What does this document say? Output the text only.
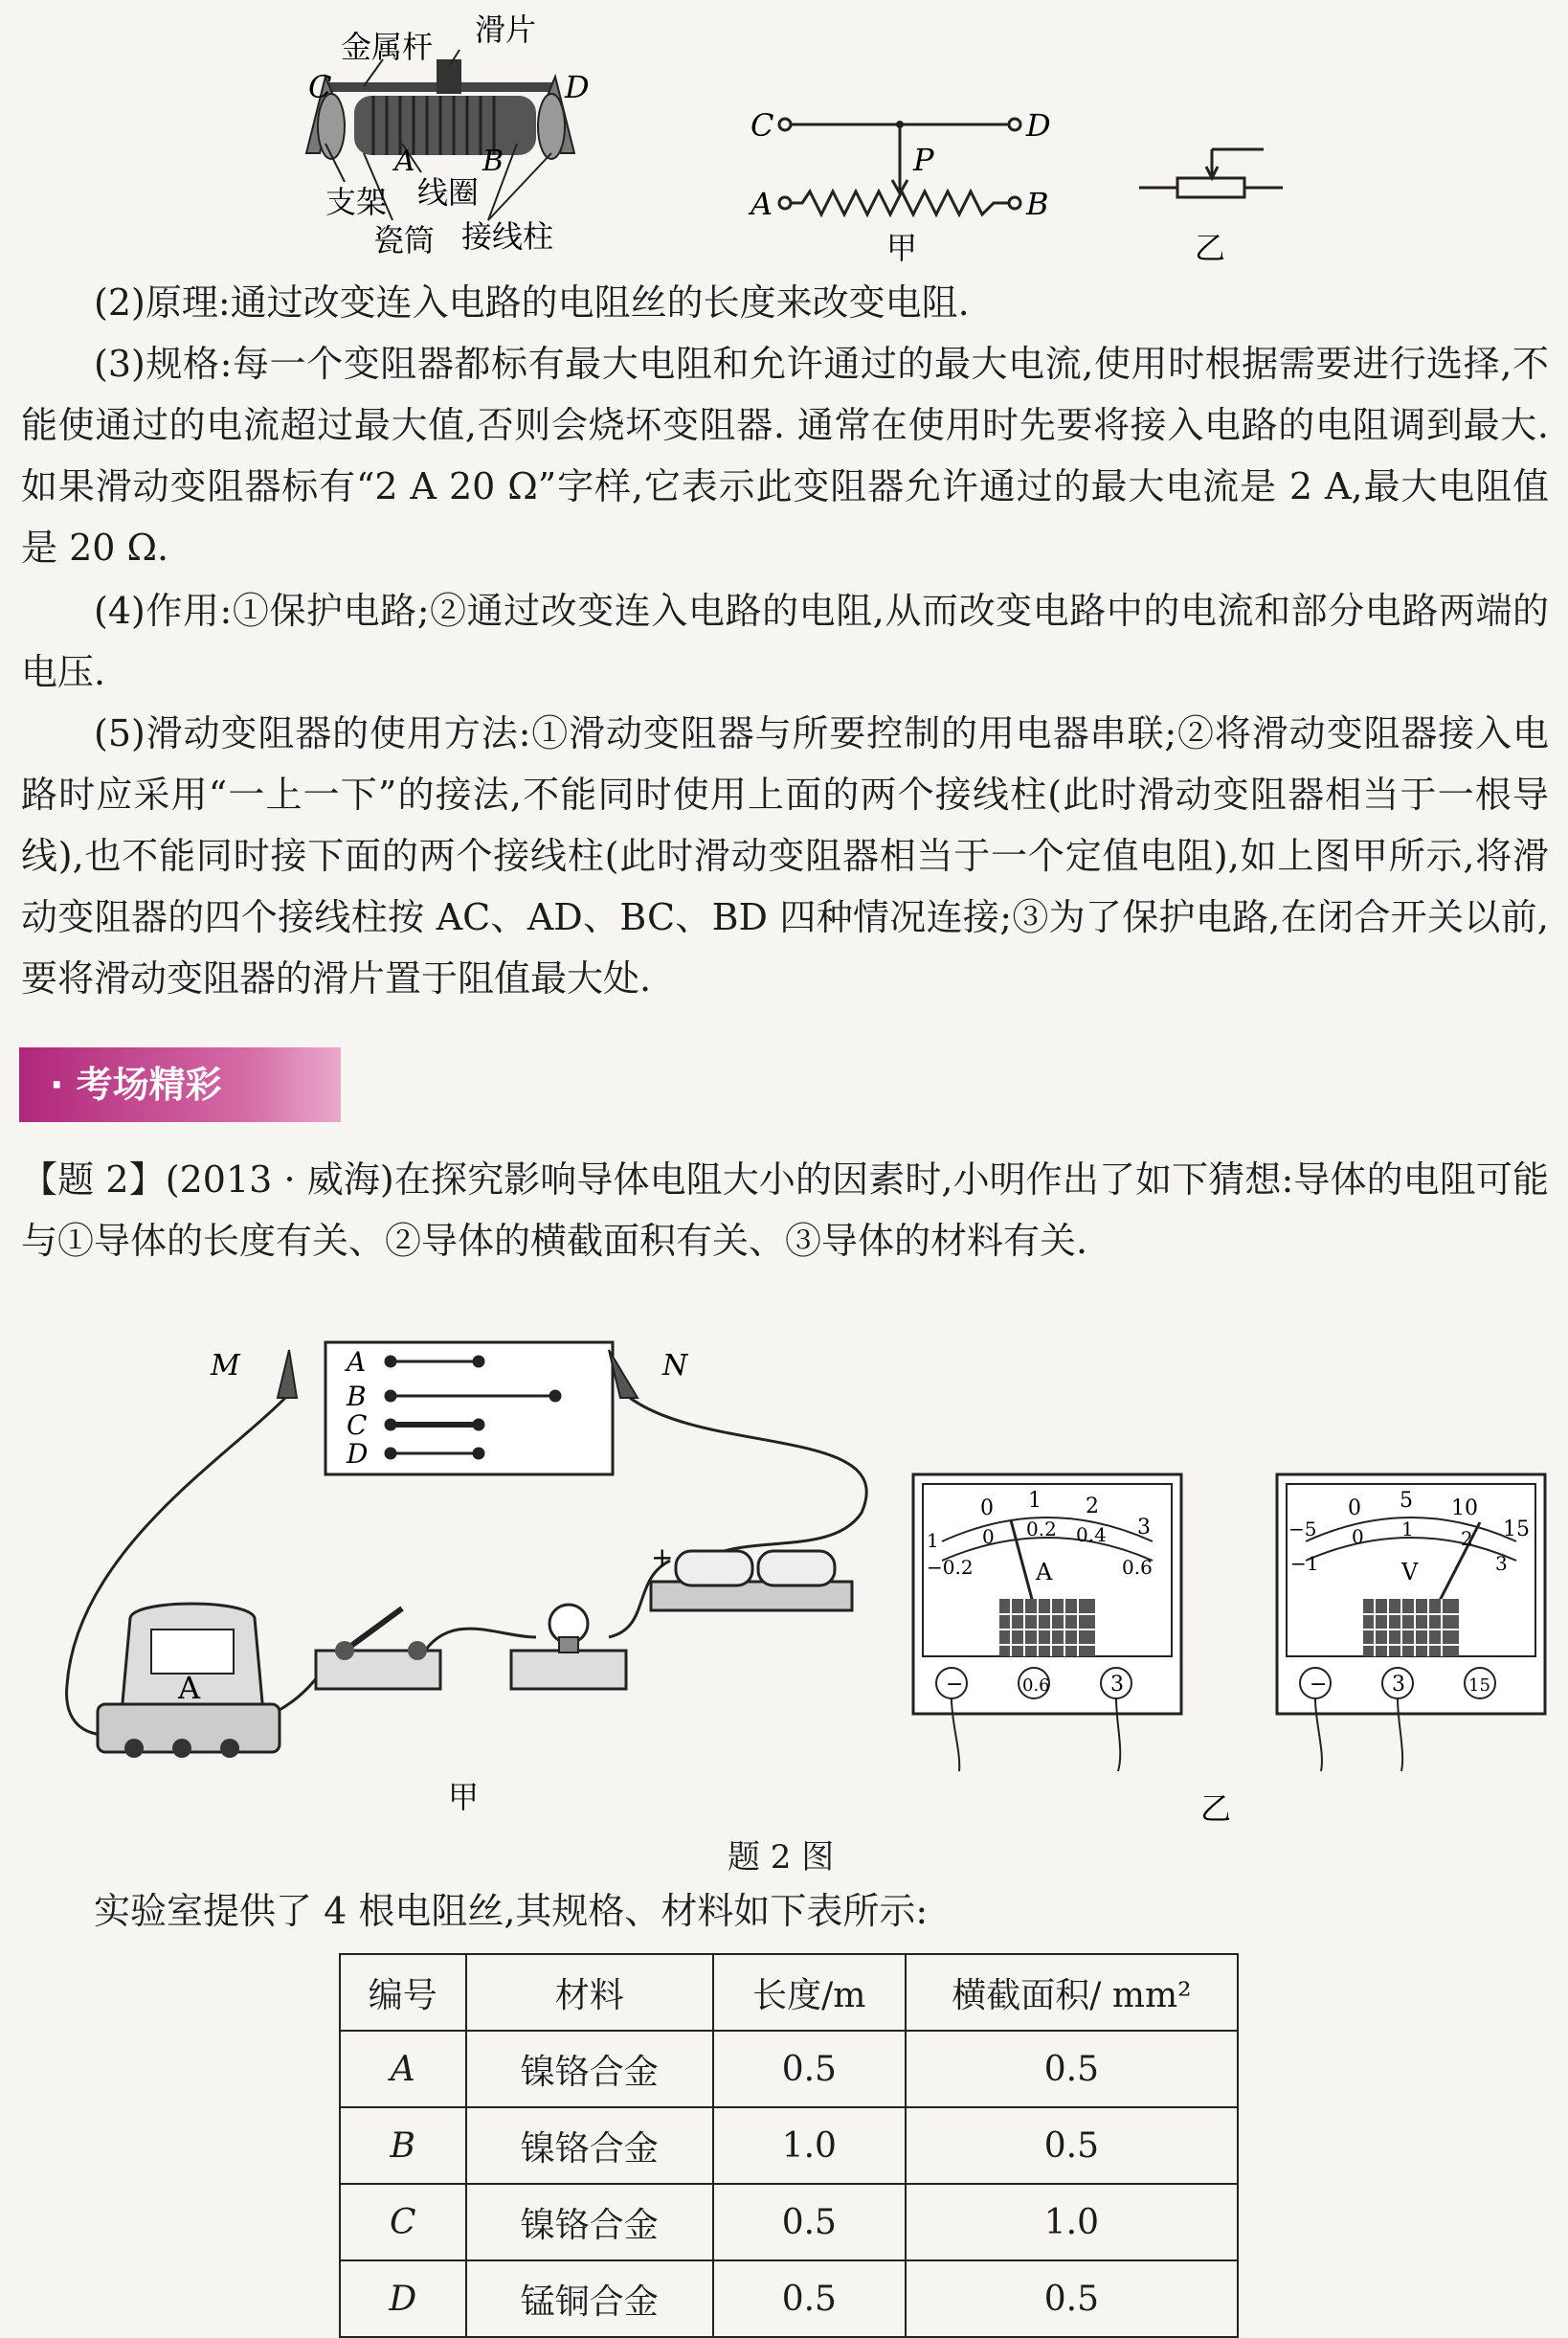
金属杆 滑片
C	D
A B
线圈
支架
瓷筒 接线柱
C	D
A	B
P
甲	乙
(2)原理:通过改变连入电路的电阻丝的长度来改变电阻.
(3)规格:每一个变阻器都标有最大电阻和允许通过的最大电流,使用时根据需要进行选择,不能使通过的电流超过最大值,否则会烧坏变阻器. 通常在使用时先要将接入电路的电阻调到最大. 如果滑动变阻器标有“2 A 20 Ω”字样,它表示此变阻器允许通过的最大电流是 2 A,最大电阻值是 20 Ω.
(4)作用:①保护电路;②通过改变连入电路的电阻,从而改变电路中的电流和部分电路两端的电压.
(5)滑动变阻器的使用方法:①滑动变阻器与所要控制的用电器串联;②将滑动变阻器接入电路时应采用“一上一下”的接法,不能同时使用上面的两个接线柱(此时滑动变阻器相当于一根导线),也不能同时接下面的两个接线柱(此时滑动变阻器相当于一个定值电阻),如上图甲所示,将滑动变阻器的四个接线柱按 AC、AD、BC、BD 四种情况连接;③为了保护电路,在闭合开关以前,要将滑动变阻器的滑片置于阻值最大处.
· 考场精彩
【题 2】(2013 · 威海)在探究影响导体电阻大小的因素时,小明作出了如下猜想:导体的电阻可能与①导体的长度有关、②导体的横截面积有关、③导体的材料有关.
A
B
C
D
M	N
A
+
甲
−	0.6	3
0 1 2
3
0 0.2 0.4
0.6
1
−0.2	A
−	3	15
0 5 10
15
0 1 2
3
−5
−1	V
乙
题 2 图
实验室提供了 4 根电阻丝,其规格、材料如下表所示:
编号	材料	长度/m	横截面积/ mm²
A	镍铬合金	0.5	0.5
B	镍铬合金	1.0	0.5
C	镍铬合金	0.5	1.0
D	锰铜合金	0.5	0.5
